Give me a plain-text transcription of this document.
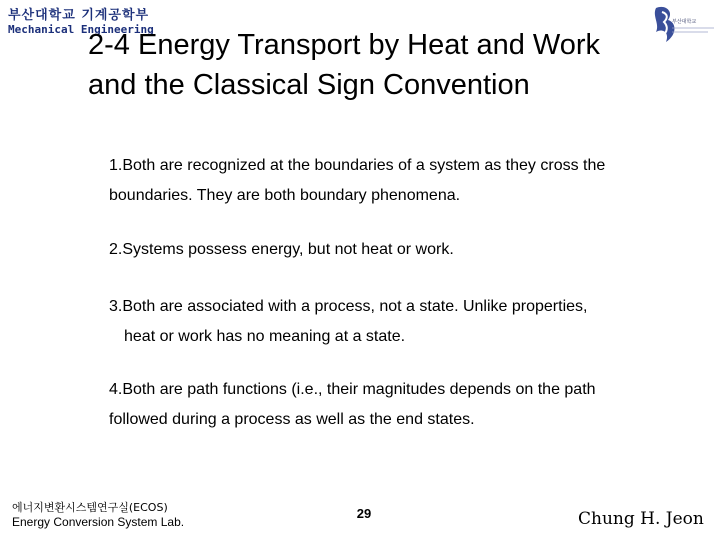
부산대학교 기계공학부
Mechanical Engineering
부산대학교
2-4 Energy Transport by Heat and Work
and the Classical Sign Convention

1.Both are recognized at the boundaries of a system as they cross the
boundaries. They are both boundary phenomena.

2.Systems possess energy, but not heat or work.

3.Both are associated with a process, not a state. Unlike properties,
heat or work has no meaning at a state.

4.Both are path functions (i.e., their magnitudes depends on the path
followed during a process as well as the end states.

에너지변환시스템연구실(ECOS)
Energy Conversion System Lab.
29	Chung H. Jeon
